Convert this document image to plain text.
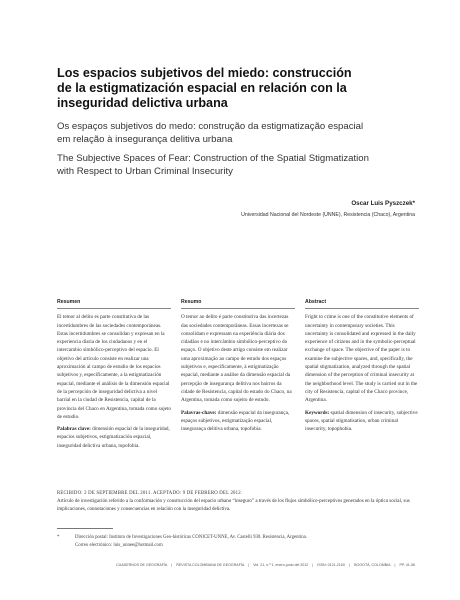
Los espacios subjetivos del miedo: construcción de la estigmatización espacial en relación con la inseguridad delictiva urbana
Os espaços subjetivos do medo: construção da estigmatização espacial em relação à insegurança delitiva urbana
The Subjective Spaces of Fear: Construction of the Spatial Stigmatization with Respect to Urban Criminal Insecurity
Oscar Luis Pyszczek*
Universidad Nacional del Nordeste (UNNE), Resistencia (Chaco), Argentina
Resumen

El temor al delito es parte constitutiva de las incertidumbres de las sociedades contemporáneas. Estas incertidumbres se consolidan y expresan en la experiencia diaria de los ciudadanos y en el intercambio simbólico-perceptivo del espacio. El objetivo del artículo consiste en realizar una aproximación al campo de estudio de los espacios subjetivos y, específicamente, a la estigmatización espacial, mediante el análisis de la dimensión espacial de la percepción de inseguridad delictiva a nivel barrial en la ciudad de Resistencia, capital de la provincia del Chaco en Argentina, tomada como sujeto de estudio.

Palabras clave: dimensión espacial de la inseguridad, espacios subjetivos, estigmatización espacial, inseguridad delictiva urbana, topofobia.
Resumo

O temor ao delito é parte constitutiva das incertezas das sociedades contemporâneas. Essas incertezas se consolidam e expressam na experiência diária dos cidadãos e no intercâmbio simbólico-perceptivo do espaço. O objetivo deste artigo consiste em realizar uma aproximação ao campo de estudo dos espaços subjetivos e, especificamente, à estigmatização espacial, mediante a análise da dimensão espacial da percepção de insegurança delitiva nos bairros da cidade de Resistencia, capital do estado do Chaco, na Argentina, tomada como sujeito de estudo.

Palavras-chave: dimensão espacial da insegurança, espaços subjetivos, estigmatização espacial, insegurança delitiva urbana, topofobia.
Abstract

Fright to crime is one of the constitutive elements of uncertainty in contemporary societies. This uncertainty is consolidated and expressed in the daily experience of citizens and in the symbolic-perceptual exchange of space. The objective of the paper is to examine the subjective spaces, and, specifically, the spatial stigmatization, analyzed through the spatial dimension of the perception of criminal insecurity at the neighborhood level. The study is carried out in the city of Resistencia, capital of the Chaco province, Argentina.

Keywords: spatial dimension of insecurity, subjective spaces, spatial stigmatisation, urban criminal insecurity, topophobia.
RECIBIDO: 2 DE SEPTIEMBRE DEL 2011. ACEPTADO: 9 DE FEBRERO DEL 2012.
Artículo de investigación referido a la conformación y construcción del espacio urbano “inseguro” a través de los flujos simbólico-perceptivos generados en la óptica social, sus implicaciones, connotaciones y consecuencias en relación con la inseguridad delictiva.
*	Dirección postal: Instituto de Investigaciones Geo-históricas CONICET-UNNE, Av. Castelli 930. Resistencia, Argentina.
Correo electrónico: luis_unnee@hotmail.com
CUADERNOS DE GEOGRAFÍA | REVISTA COLOMBIANA DE GEOGRAFÍA | Vol. 21, n.º 1, enero-junio del 2012 | ISSN: 0121-215X | BOGOTÁ, COLOMBIA | PP. 41-56
